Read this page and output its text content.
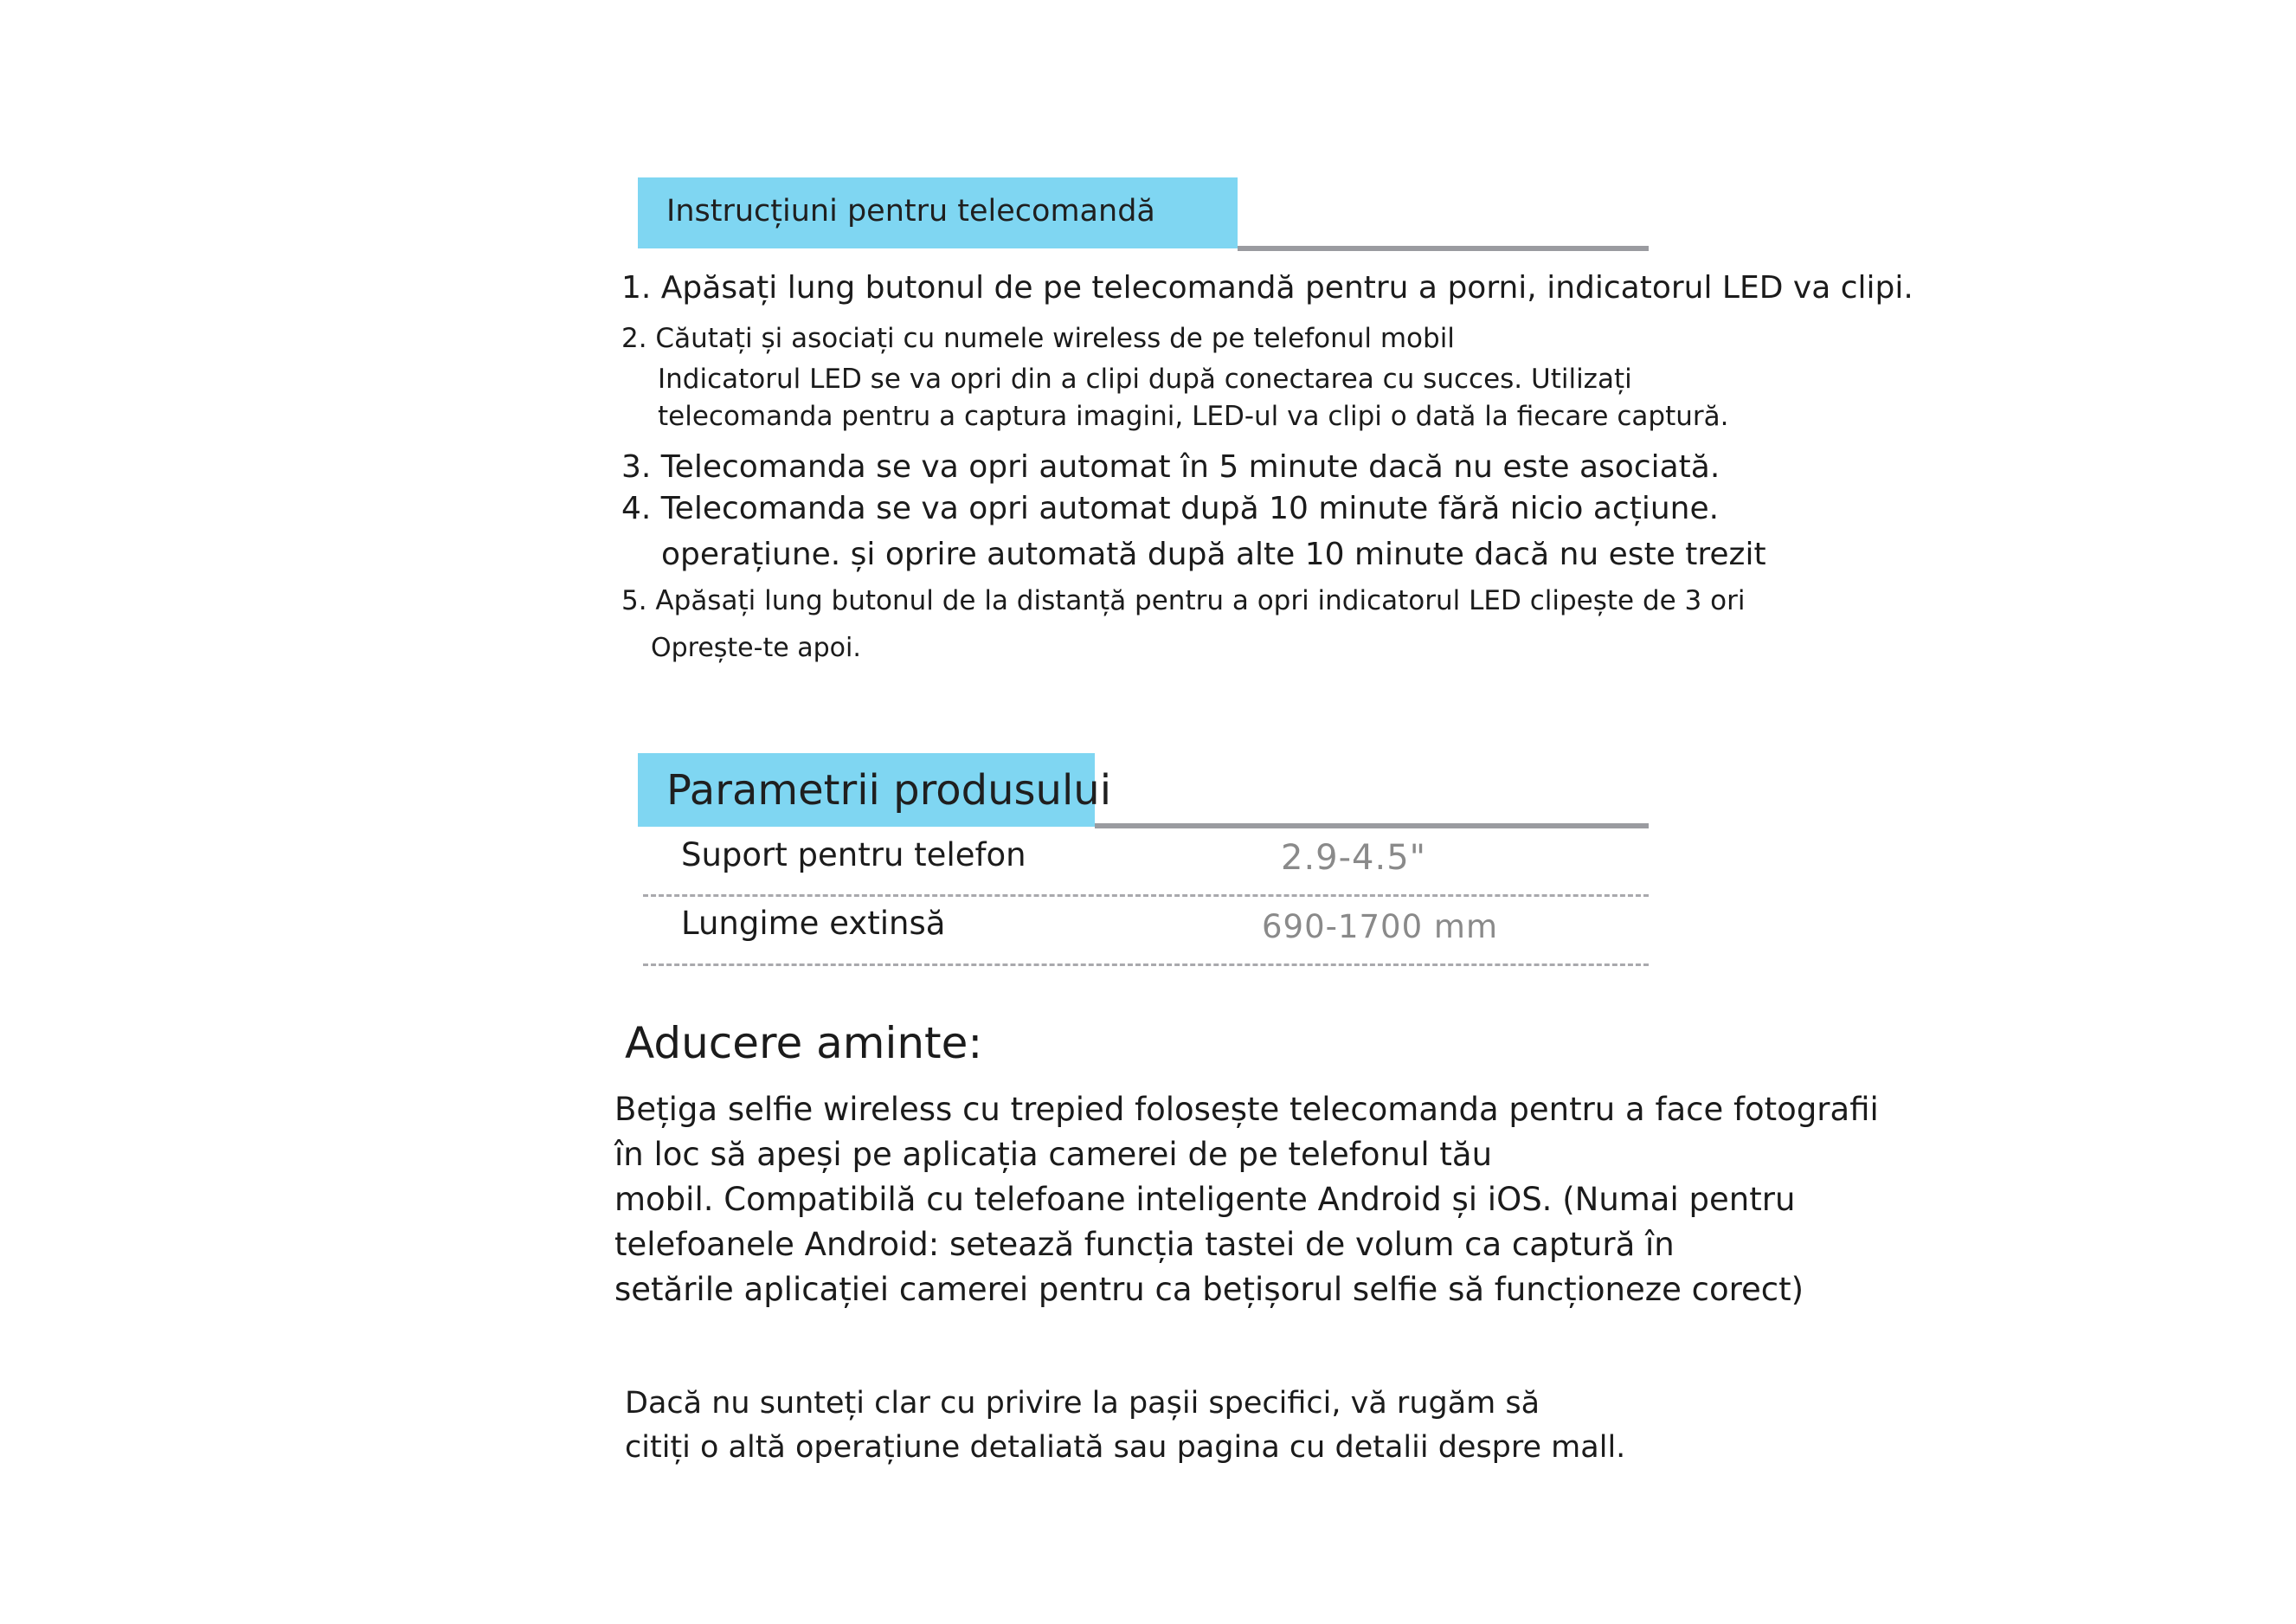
Instrucțiuni pentru telecomandă
1. Apăsați lung butonul de pe telecomandă pentru a porni, indicatorul LED va clipi.
2. Căutați și asociați cu numele wireless de pe telefonul mobil
Indicatorul LED se va opri din a clipi după conectarea cu succes. Utilizați
telecomanda pentru a captura imagini, LED-ul va clipi o dată la fiecare captură.
3. Telecomanda se va opri automat în 5 minute dacă nu este asociată.
4. Telecomanda se va opri automat după 10 minute fără nicio acțiune.
operațiune. și oprire automată după alte 10 minute dacă nu este trezit
5. Apăsați lung butonul de la distanță pentru a opri indicatorul LED clipește de 3 ori
Oprește-te apoi.
Parametrii produsului
Suport pentru telefon	2.9-4.5"
Lungime extinsă	690-1700 mm
Aducere aminte:
Bețiga selfie wireless cu trepied folosește telecomanda pentru a face fotografii
în loc să apeși pe aplicația camerei de pe telefonul tău
mobil. Compatibilă cu telefoane inteligente Android și iOS. (Numai pentru
telefoanele Android: setează funcția tastei de volum ca captură în
setările aplicației camerei pentru ca bețișorul selfie să funcționeze corect)
Dacă nu sunteți clar cu privire la pașii specifici, vă rugăm să
citiți o altă operațiune detaliată sau pagina cu detalii despre mall.
